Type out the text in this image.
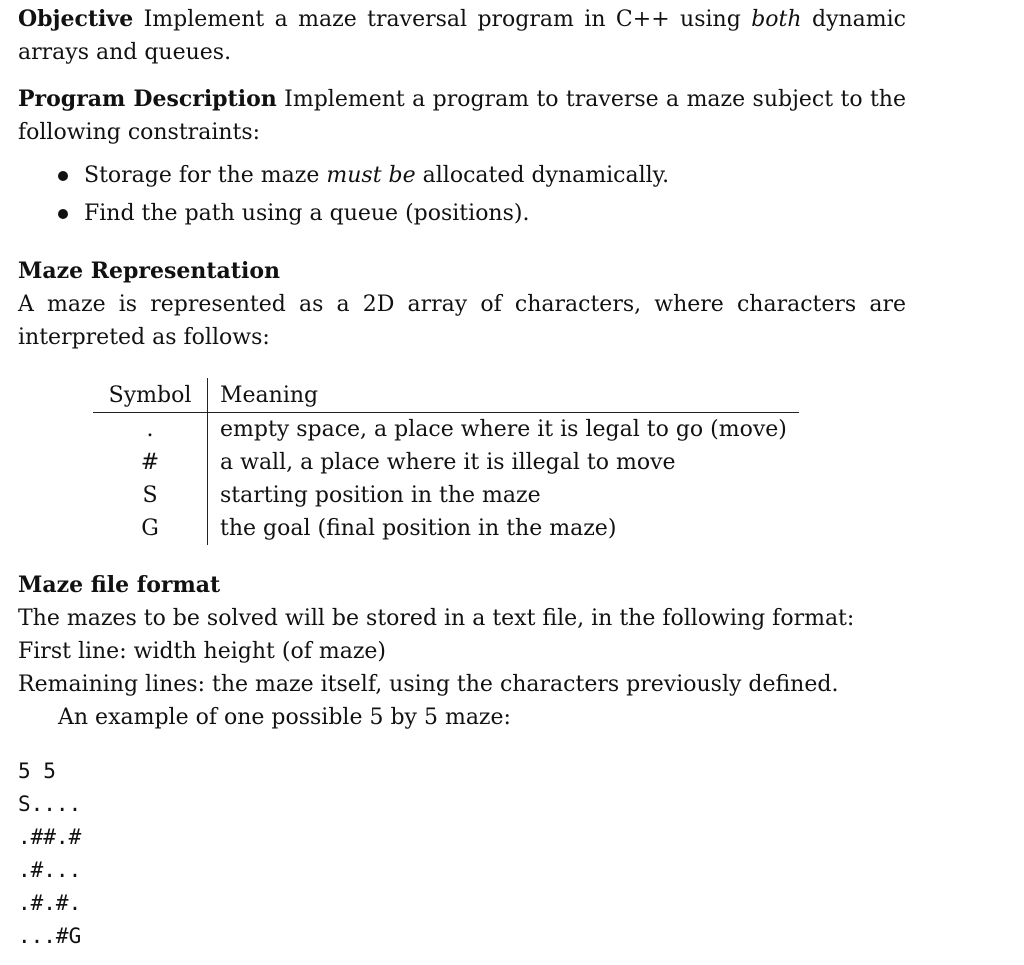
Objective Implement a maze traversal program in C++ using both dynamic arrays and queues.

Program Description Implement a program to traverse a maze subject to the following constraints:

Storage for the maze must be allocated dynamically.
Find the path using a queue (positions).
Maze Representation

A maze is represented as a 2D array of characters, where characters are interpreted as follows:

Symbol	Meaning
.	empty space, a place where it is legal to go (move)
#	a wall, a place where it is illegal to move
S	starting position in the maze
G	the goal (final position in the maze)
Maze file format

The mazes to be solved will be stored in a text file, in the following format:

First line: width height (of maze)

Remaining lines: the maze itself, using the characters previously defined.

An example of one possible 5 by 5 maze:

5 5
S....
.##.#
.#...
.#.#.
...#G
